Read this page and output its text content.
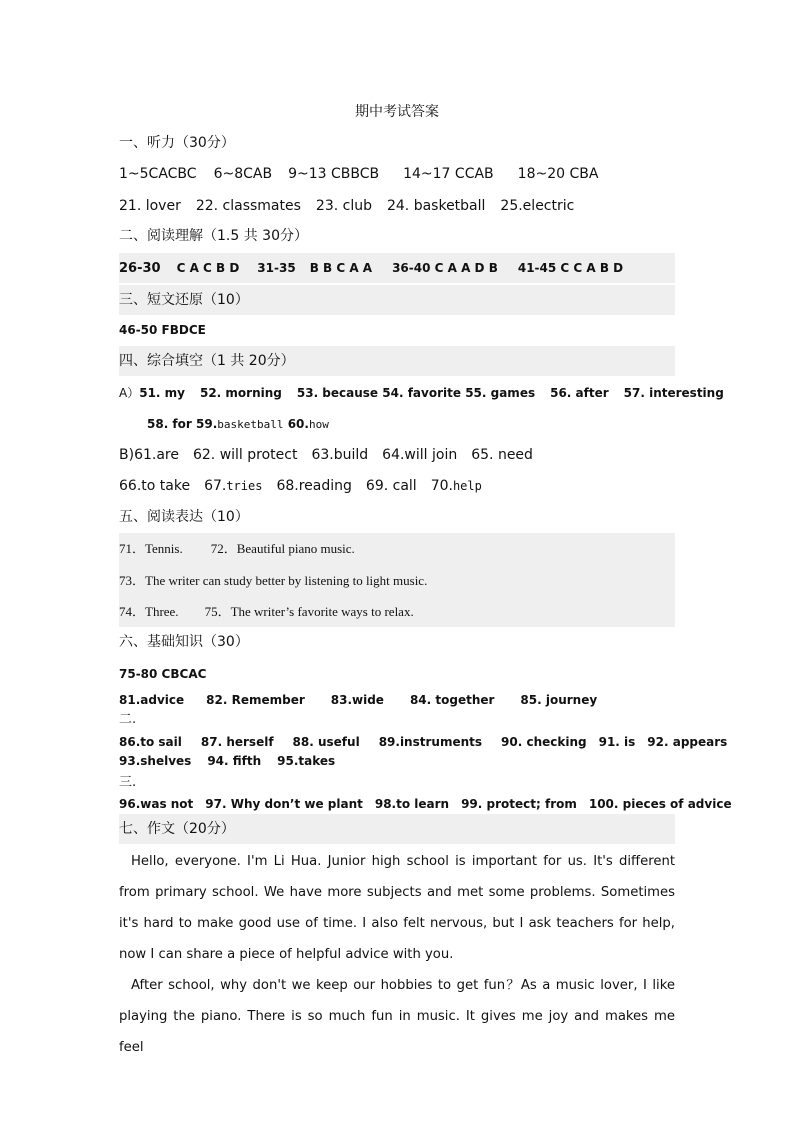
期中考试答案
一、听力（30分）
1~5CACBC 6~8CAB 9~13 CBBCB 14~17 CCAB 18~20 CBA
21. lover 22. classmates 23. club 24. basketball 25.electric
二、阅读理解（1.5 共 30分）
26-30 C A C B D 31-35 B B C A A 36-40 C A A D B 41-45 C C A B D
三、短文还原（10）
46-50 FBDCE
四、综合填空（1 共 20分）
A）51. my 52. morning 53. because 54. favorite 55. games 56. after 57. interesting
58. for 59.basketball 60.how
B)61.are 62. will protect 63.build 64.will join 65. need
66.to take 67.tries 68.reading 69. call 70.help
五、阅读表达（10）
71．Tennis. 72．Beautiful piano music.
73．The writer can study better by listening to light music.
74．Three. 75．The writer’s favorite ways to relax.
六、基础知识（30）
75-80 CBCAC
81.advice 82. Remember 83.wide 84. together 85. journey
二.
86.to sail 87. herself 88. useful 89.instruments 90. checking 91. is 92. appears
93.shelves 94. fifth 95.takes
三.
96.was not 97. Why don’t we plant 98.to learn 99. protect; from 100. pieces of advice
七、作文（20分）

Hello, everyone. I'm Li Hua. Junior high school is important for us. It's different from primary school. We have more subjects and met some problems. Sometimes it's hard to make good use of time. I also felt nervous, but I ask teachers for help, now I can share a piece of helpful advice with you.

After school, why don't we keep our hobbies to get fun？As a music lover, I like playing the piano. There is so much fun in music. It gives me joy and makes me feel
